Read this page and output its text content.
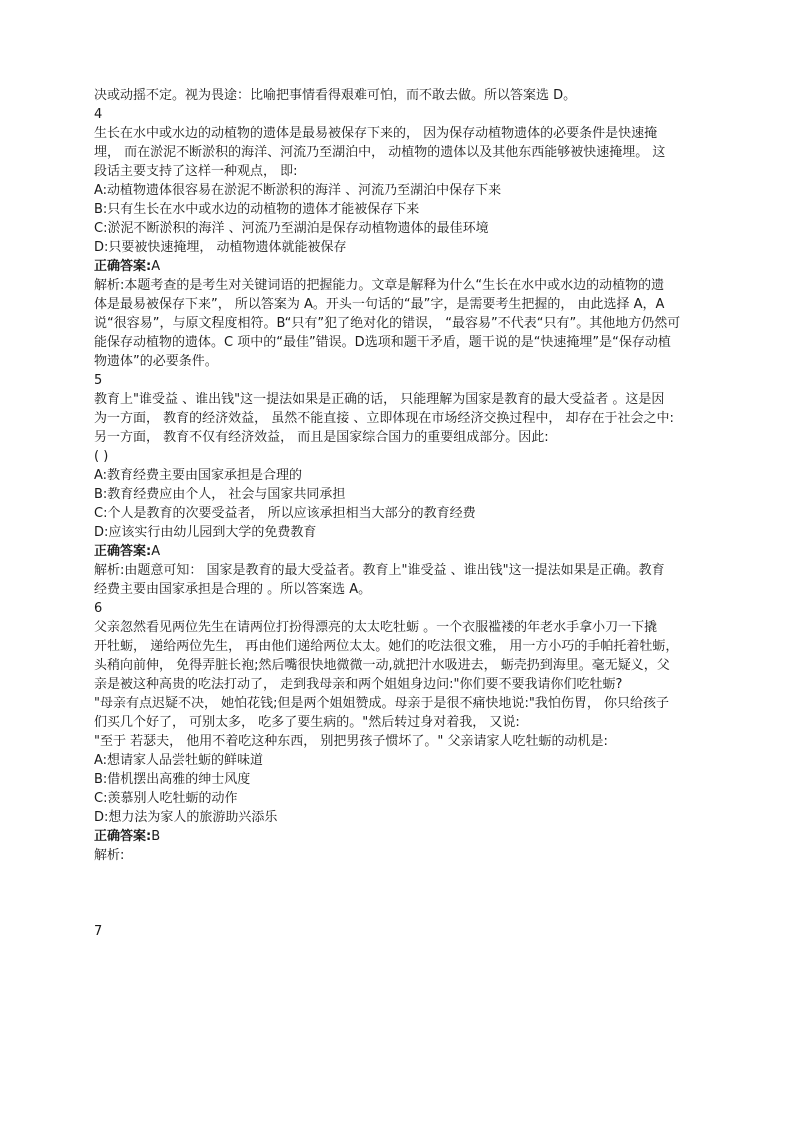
决或动摇不定。视为畏途：比喻把事情看得艰难可怕，而不敢去做。所以答案选 D。

4

生长在水中或水边的动植物的遗体是最易被保存下来的， 因为保存动植物遗体的必要条件是快速掩

埋， 而在淤泥不断淤积的海洋、河流乃至湖泊中， 动植物的遗体以及其他东西能够被快速掩埋。 这

段话主要支持了这样一种观点， 即:

A:动植物遗体很容易在淤泥不断淤积的海洋 、河流乃至湖泊中保存下来

B:只有生长在水中或水边的动植物的遗体才能被保存下来

C:淤泥不断淤积的海洋 、河流乃至湖泊是保存动植物遗体的最佳环境

D:只要被快速掩埋， 动植物遗体就能被保存

正确答案:A

解析:本题考查的是考生对关键词语的把握能力。文章是解释为什么“生长在水中或水边的动植物的遗

体是最易被保存下来”， 所以答案为 A。开头一句话的“最”字，是需要考生把握的， 由此选择 A，A

说“很容易”，与原文程度相符。B“只有”犯了绝对化的错误， “最容易”不代表“只有”。其他地方仍然可

能保存动植物的遗体。C 项中的“最佳”错误。D选项和题干矛盾，题干说的是“快速掩埋”是“保存动植

物遗体”的必要条件。

5

教育上"谁受益 、谁出钱"这一提法如果是正确的话， 只能理解为国家是教育的最大受益者 。这是因

为一方面， 教育的经济效益， 虽然不能直接 、立即体现在市场经济交换过程中， 却存在于社会之中:

另一方面， 教育不仅有经济效益， 而且是国家综合国力的重要组成部分。因此:

( )

A:教育经费主要由国家承担是合理的

B:教育经费应由个人， 社会与国家共同承担

C:个人是教育的次要受益者， 所以应该承担相当大部分的教育经费

D:应该实行由幼儿园到大学的免费教育

正确答案:A

解析:由题意可知： 国家是教育的最大受益者。教育上"谁受益 、谁出钱"这一提法如果是正确。教育

经费主要由国家承担是合理的 。所以答案选 A。

6

父亲忽然看见两位先生在请两位打扮得漂亮的太太吃牡蛎 。一个衣服褴褛的年老水手拿小刀一下撬

开牡蛎， 递给两位先生， 再由他们递给两位太太。她们的吃法很文雅， 用一方小巧的手帕托着牡蛎，

头稍向前伸， 免得弄脏长袍;然后嘴很快地微微一动,就把汁水吸进去， 蛎壳扔到海里。毫无疑义，父

亲是被这种高贵的吃法打动了， 走到我母亲和两个姐姐身边问:"你们要不要我请你们吃牡蛎?

"母亲有点迟疑不决， 她怕花钱;但是两个姐姐赞成。母亲于是很不痛快地说:"我怕伤胃， 你只给孩子

们买几个好了， 可别太多， 吃多了要生病的。"然后转过身对着我， 又说:

"至于 若瑟夫， 他用不着吃这种东西， 别把男孩子惯坏了。" 父亲请家人吃牡蛎的动机是:

A:想请家人品尝牡蛎的鲜味道

B:借机摆出高雅的绅士风度

C:羡慕别人吃牡蛎的动作

D:想力法为家人的旅游助兴添乐

正确答案:B

解析:

7
